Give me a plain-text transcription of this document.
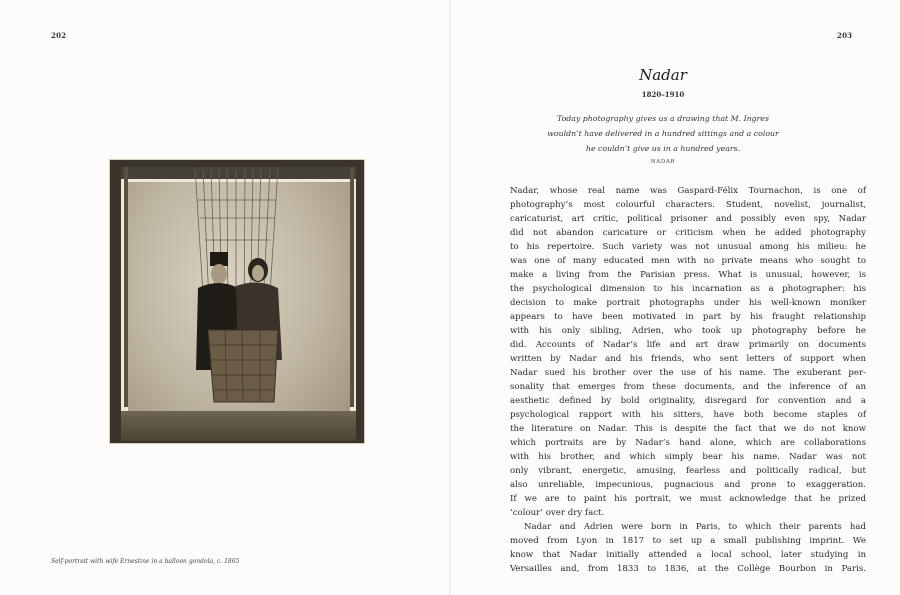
202	203
Self-portrait with wife Ernestine in a balloon gondola, c. 1865
Nadar
1820–1910
Today photography gives us a drawing that M. Ingres
wouldn’t have delivered in a hundred sittings and a colour
he couldn’t give us in a hundred years.
NADAR
Nadar, whose real name was Gaspard-Félix Tournachon, is one of
photography’s most colourful characters. Student, novelist, journalist,
caricaturist, art critic, political prisoner and possibly even spy, Nadar
did not abandon caricature or criticism when he added photography
to his repertoire. Such variety was not unusual among his milieu: he
was one of many educated men with no private means who sought to
make a living from the Parisian press. What is unusual, however, is
the psychological dimension to his incarnation as a photographer: his
decision to make portrait photographs under his well-known moniker
appears to have been motivated in part by his fraught relationship
with his only sibling, Adrien, who took up photography before he
did. Accounts of Nadar’s life and art draw primarily on documents
written by Nadar and his friends, who sent letters of support when
Nadar sued his brother over the use of his name. The exuberant per-
sonality that emerges from these documents, and the inference of an
aesthetic defined by bold originality, disregard for convention and a
psychological rapport with his sitters, have both become staples of
the literature on Nadar. This is despite the fact that we do not know
which portraits are by Nadar’s hand alone, which are collaborations
with his brother, and which simply bear his name. Nadar was not
only vibrant, energetic, amusing, fearless and politically radical, but
also unreliable, impecunious, pugnacious and prone to exaggeration.
If we are to paint his portrait, we must acknowledge that he prized
‘colour’ over dry fact.
Nadar and Adrien were born in Paris, to which their parents had
moved from Lyon in 1817 to set up a small publishing imprint. We
know that Nadar initially attended a local school, later studying in
Versailles and, from 1833 to 1836, at the Collège Bourbon in Paris.
